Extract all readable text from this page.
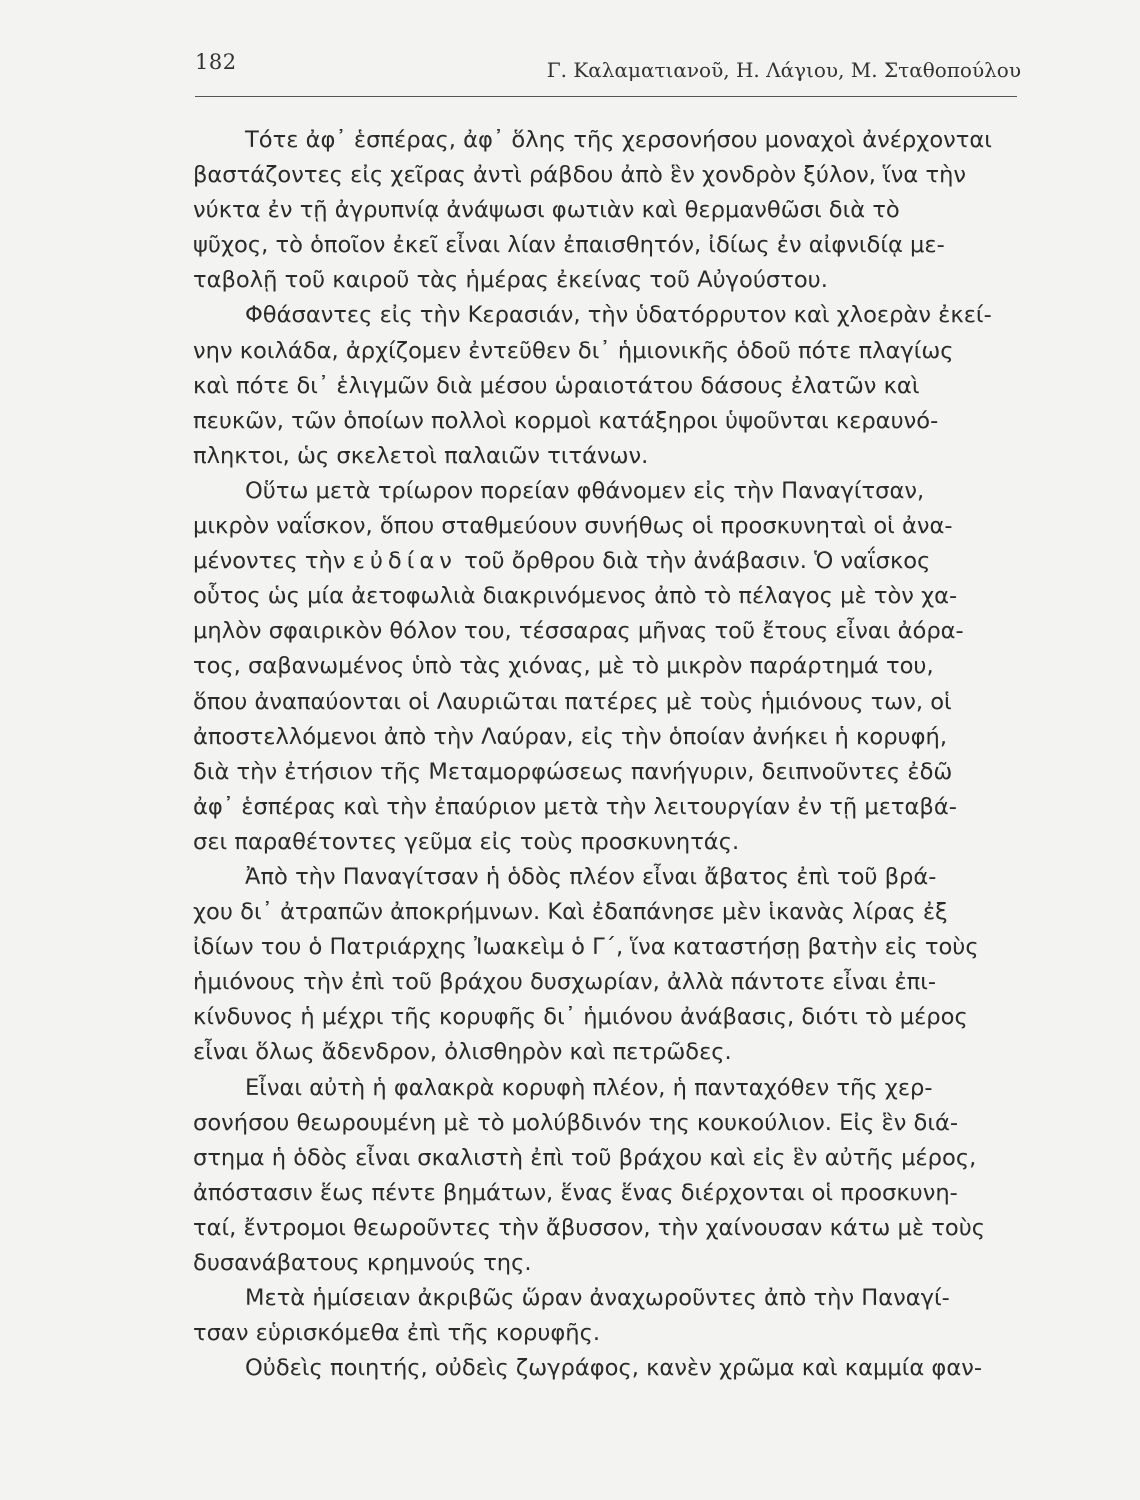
182	Γ. Καλαματιανοῦ, Η. Λάγιου, Μ. Σταθοπούλου
Τότε ἀφ᾽ ἑσπέρας, ἀφ᾽ ὅλης τῆς χερσονήσου μοναχοὶ ἀνέρχονται
βαστάζοντες εἰς χεῖρας ἀντὶ ράβδου ἀπὸ ἓν χονδρὸν ξύλον, ἵνα τὴν
νύκτα ἐν τῇ ἀγρυπνίᾳ ἀνάψωσι φωτιὰν καὶ θερμανθῶσι διὰ τὸ
ψῦχος, τὸ ὁποῖον ἐκεῖ εἶναι λίαν ἐπαισθητόν, ἰδίως ἐν αἰφνιδίᾳ με-
ταβολῇ τοῦ καιροῦ τὰς ἡμέρας ἐκείνας τοῦ Αὐγούστου.
Φθάσαντες εἰς τὴν Κερασιάν, τὴν ὑδατόρρυτον καὶ χλοερὰν ἐκεί-
νην κοιλάδα, ἀρχίζομεν ἐντεῦθεν δι᾽ ἡμιονικῆς ὁδοῦ πότε πλαγίως
καὶ πότε δι᾽ ἑλιγμῶν διὰ μέσου ὡραιοτάτου δάσους ἐλατῶν καὶ
πευκῶν, τῶν ὁποίων πολλοὶ κορμοὶ κατάξηροι ὑψοῦνται κεραυνό-
πληκτοι, ὡς σκελετοὶ παλαιῶν τιτάνων.
Οὕτω μετὰ τρίωρον πορείαν φθάνομεν εἰς τὴν Παναγίτσαν,
μικρὸν ναΐσκον, ὅπου σταθμεύουν συνήθως οἱ προσκυνηταὶ οἱ ἀνα-
μένοντες τὴν εὐδίαν τοῦ ὄρθρου διὰ τὴν ἀνάβασιν. Ὁ ναΐσκος
οὗτος ὡς μία ἀετοφωλιὰ διακρινόμενος ἀπὸ τὸ πέλαγος μὲ τὸν χα-
μηλὸν σφαιρικὸν θόλον του, τέσσαρας μῆνας τοῦ ἔτους εἶναι ἀόρα-
τος, σαβανωμένος ὑπὸ τὰς χιόνας, μὲ τὸ μικρὸν παράρτημά του,
ὅπου ἀναπαύονται οἱ Λαυριῶται πατέρες μὲ τοὺς ἡμιόνους των, οἱ
ἀποστελλόμενοι ἀπὸ τὴν Λαύραν, εἰς τὴν ὁποίαν ἀνήκει ἡ κορυφή,
διὰ τὴν ἐτήσιον τῆς Μεταμορφώσεως πανήγυριν, δειπνοῦντες ἐδῶ
ἀφ᾽ ἑσπέρας καὶ τὴν ἐπαύριον μετὰ τὴν λειτουργίαν ἐν τῇ μεταβά-
σει παραθέτοντες γεῦμα εἰς τοὺς προσκυνητάς.
Ἀπὸ τὴν Παναγίτσαν ἡ ὁδὸς πλέον εἶναι ἄβατος ἐπὶ τοῦ βρά-
χου δι᾽ ἀτραπῶν ἀποκρήμνων. Καὶ ἐδαπάνησε μὲν ἱκανὰς λίρας ἐξ
ἰδίων του ὁ Πατριάρχης Ἰωακεὶμ ὁ Γ΄, ἵνα καταστήσῃ βατὴν εἰς τοὺς
ἡμιόνους τὴν ἐπὶ τοῦ βράχου δυσχωρίαν, ἀλλὰ πάντοτε εἶναι ἐπι-
κίνδυνος ἡ μέχρι τῆς κορυφῆς δι᾽ ἡμιόνου ἀνάβασις, διότι τὸ μέρος
εἶναι ὅλως ἄδενδρον, ὀλισθηρὸν καὶ πετρῶδες.
Εἶναι αὐτὴ ἡ φαλακρὰ κορυφὴ πλέον, ἡ πανταχόθεν τῆς χερ-
σονήσου θεωρουμένη μὲ τὸ μολύβδινόν της κουκούλιον. Εἰς ἓν διά-
στημα ἡ ὁδὸς εἶναι σκαλιστὴ ἐπὶ τοῦ βράχου καὶ εἰς ἓν αὐτῆς μέρος,
ἀπόστασιν ἕως πέντε βημάτων, ἕνας ἕνας διέρχονται οἱ προσκυνη-
ταί, ἔντρομοι θεωροῦντες τὴν ἄβυσσον, τὴν χαίνουσαν κάτω μὲ τοὺς
δυσανάβατους κρημνούς της.
Μετὰ ἡμίσειαν ἀκριβῶς ὥραν ἀναχωροῦντες ἀπὸ τὴν Παναγί-
τσαν εὑρισκόμεθα ἐπὶ τῆς κορυφῆς.
Οὐδεὶς ποιητής, οὐδεὶς ζωγράφος, κανὲν χρῶμα καὶ καμμία φαν-
